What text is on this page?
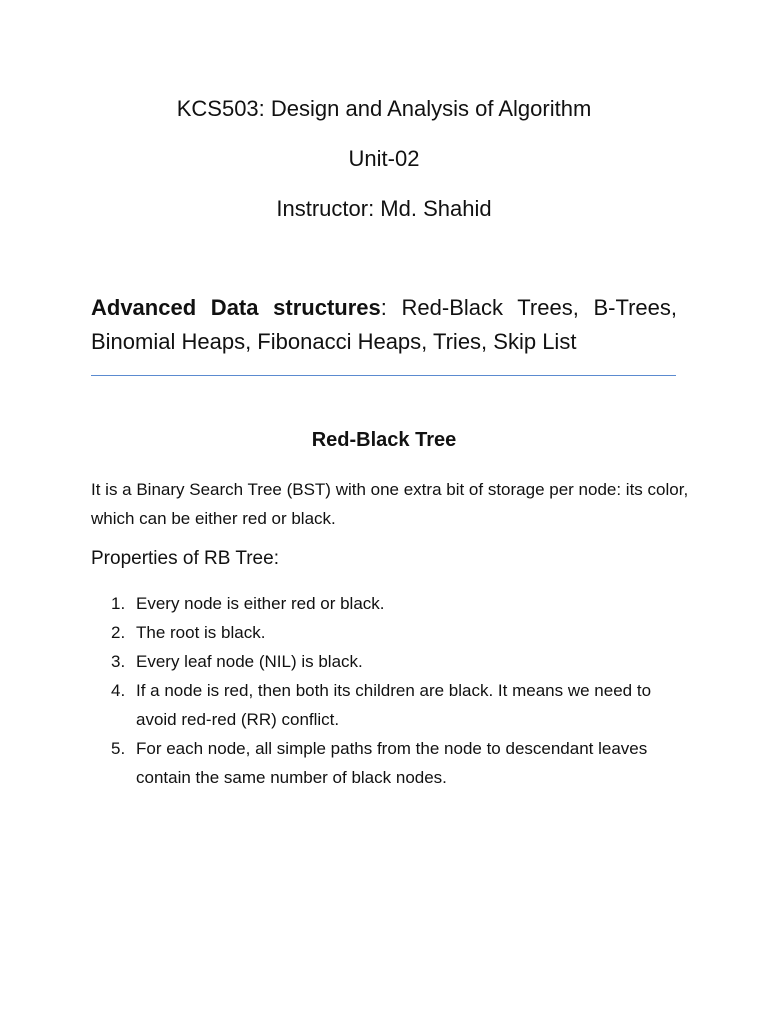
KCS503: Design and Analysis of Algorithm
Unit-02
Instructor: Md. Shahid

Advanced Data structures: Red-Black Trees, B-Trees, Binomial Heaps, Fibonacci Heaps, Tries, Skip List

Red-Black Tree

It is a Binary Search Tree (BST) with one extra bit of storage per node: its color, which can be either red or black.

Properties of RB Tree:
1. Every node is either red or black.
2. The root is black.
3. Every leaf node (NIL) is black.
4. If a node is red, then both its children are black. It means we need to avoid red-red (RR) conflict.
5. For each node, all simple paths from the node to descendant leaves contain the same number of black nodes.
